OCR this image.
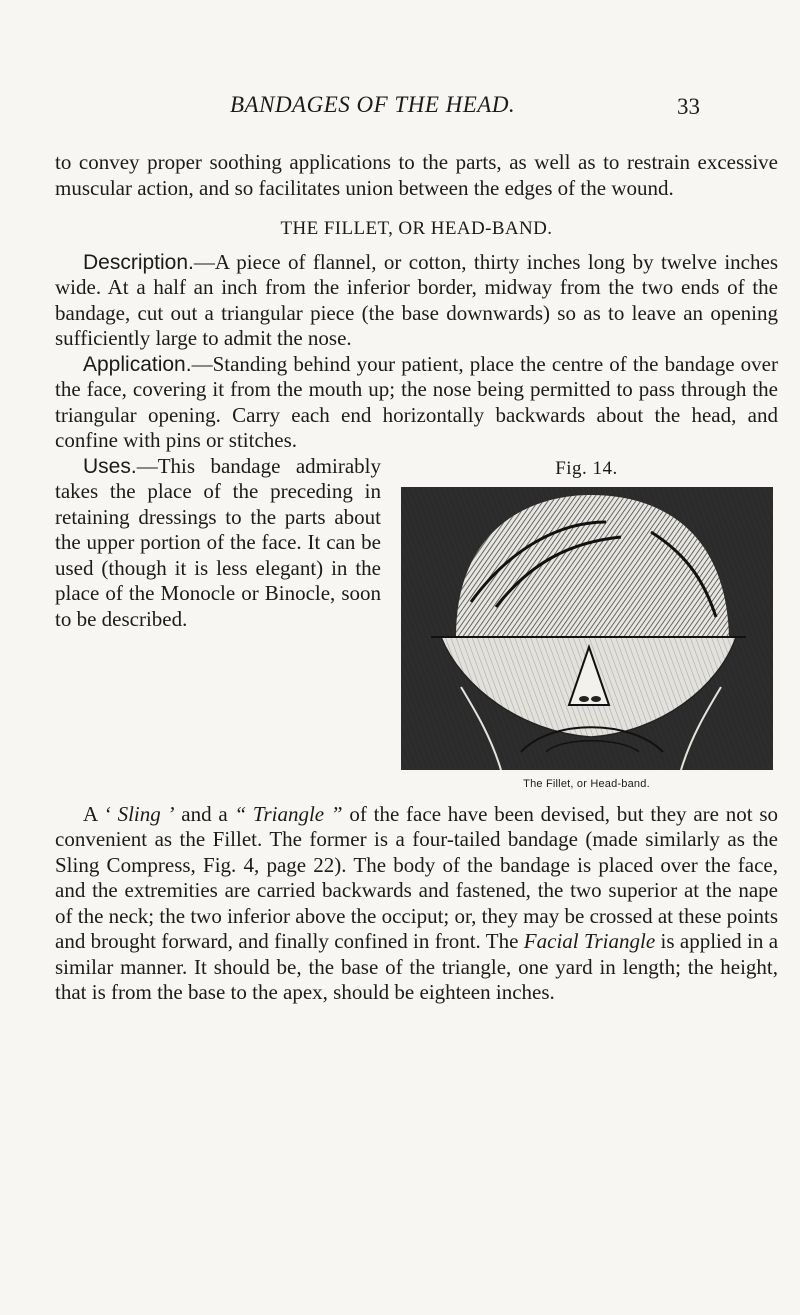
BANDAGES OF THE HEAD.	33

to convey proper soothing applications to the parts, as well as to restrain excessive muscular action, and so facilitates union between the edges of the wound.

THE FILLET, OR HEAD-BAND.

Description.—A piece of flannel, or cotton, thirty inches long by twelve inches wide. At a half an inch from the inferior border, midway from the two ends of the bandage, cut out a triangular piece (the base downwards) so as to leave an opening sufficiently large to admit the nose.

Application.—Standing behind your patient, place the centre of the bandage over the face, covering it from the mouth up; the nose being permitted to pass through the triangular opening. Carry each end horizontally backwards about the head, and confine with pins or stitches.

Fig. 14.
The Fillet, or Head-band.

Uses.—This bandage admirably takes the place of the preceding in retaining dressings to the parts about the upper portion of the face. It can be used (though it is less elegant) in the place of the Monocle or Binocle, soon to be described.

A ‘ Sling ’ and a “ Triangle ” of the face have been devised, but they are not so convenient as the Fillet. The former is a four-tailed bandage (made similarly as the Sling Compress, Fig. 4, page 22). The body of the bandage is placed over the face, and the extremities are carried backwards and fastened, the two superior at the nape of the neck; the two inferior above the occiput; or, they may be crossed at these points and brought forward, and finally confined in front. The Facial Triangle is applied in a similar manner. It should be, the base of the triangle, one yard in length; the height, that is from the base to the apex, should be eighteen inches.
